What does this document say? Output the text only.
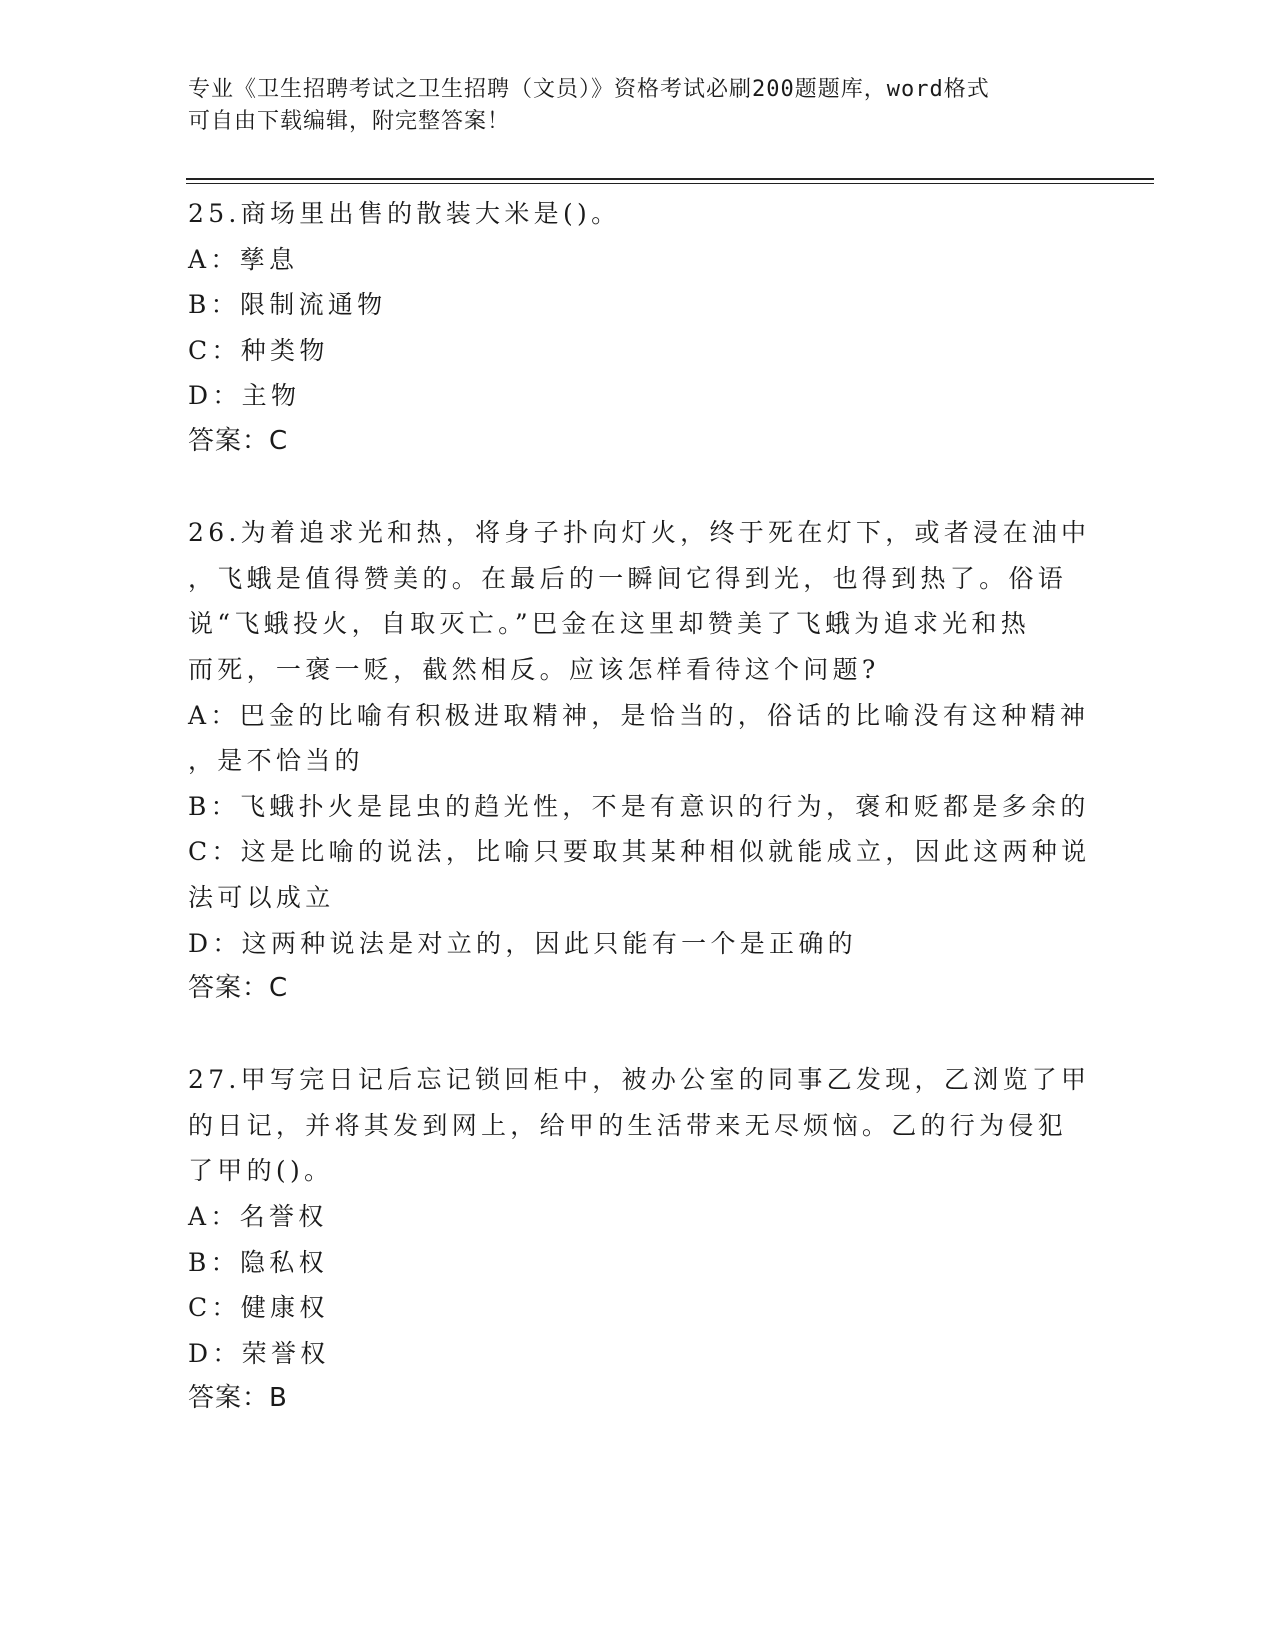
专业《卫生招聘考试之卫生招聘（文员）》资格考试必刷200题题库，word格式
可自由下载编辑，附完整答案！
25.商场里出售的散装大米是()。
A：孳息
B：限制流通物
C：种类物
D：主物
答案：C
26.为着追求光和热，将身子扑向灯火，终于死在灯下，或者浸在油中
，飞蛾是值得赞美的。在最后的一瞬间它得到光，也得到热了。俗语
说“飞蛾投火，自取灭亡。”巴金在这里却赞美了飞蛾为追求光和热
而死，一褒一贬，截然相反。应该怎样看待这个问题?
A：巴金的比喻有积极进取精神，是恰当的，俗话的比喻没有这种精神
，是不恰当的
B：飞蛾扑火是昆虫的趋光性，不是有意识的行为，褒和贬都是多余的
C：这是比喻的说法，比喻只要取其某种相似就能成立，因此这两种说
法可以成立
D：这两种说法是对立的，因此只能有一个是正确的
答案：C
27.甲写完日记后忘记锁回柜中，被办公室的同事乙发现，乙浏览了甲
的日记，并将其发到网上，给甲的生活带来无尽烦恼。乙的行为侵犯
了甲的()。
A：名誉权
B：隐私权
C：健康权
D：荣誉权
答案：B
